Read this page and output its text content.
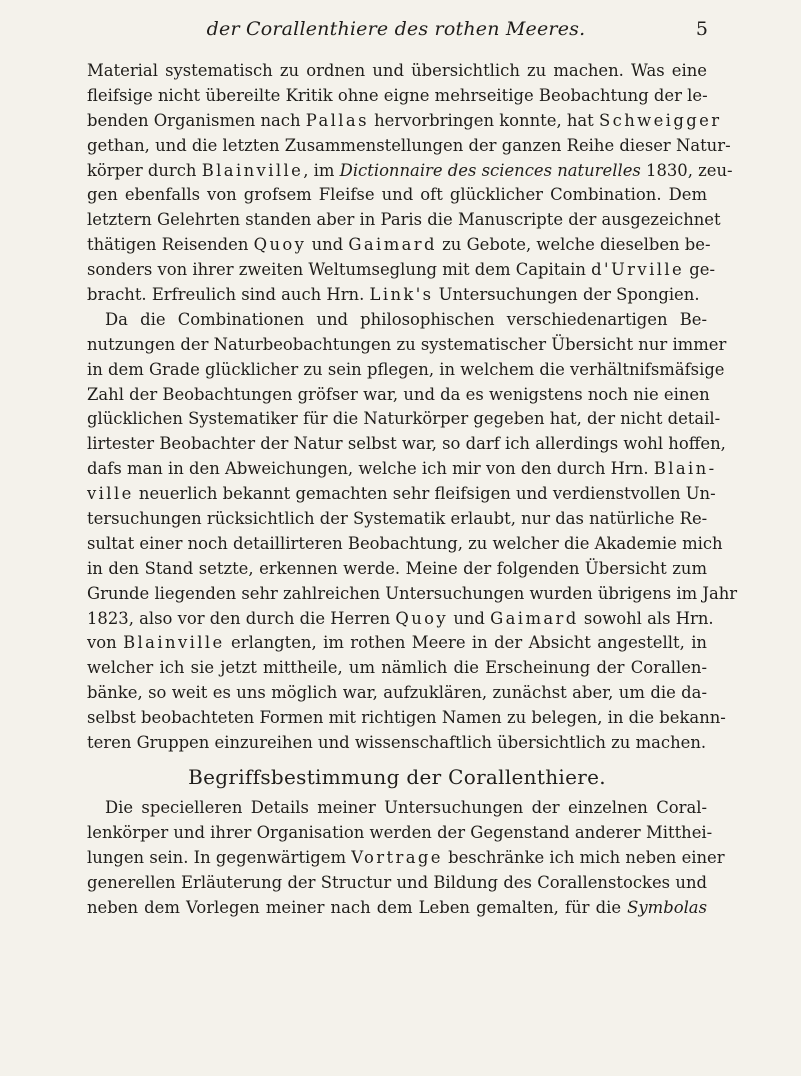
der Corallenthiere des rothen Meeres.	5
Material systematisch zu ordnen und übersichtlich zu machen. Was eine
fleifsige nicht übereilte Kritik ohne eigne mehrseitige Beobachtung der le-
benden Organismen nach Pallas hervorbringen konnte, hat Schweigger
gethan, und die letzten Zusammenstellungen der ganzen Reihe dieser Natur-
körper durch Blainville, im Dictionnaire des sciences naturelles 1830, zeu-
gen ebenfalls von grofsem Fleifse und oft glücklicher Combination. Dem
letztern Gelehrten standen aber in Paris die Manuscripte der ausgezeichnet
thätigen Reisenden Quoy und Gaimard zu Gebote, welche dieselben be-
sonders von ihrer zweiten Weltumseglung mit dem Capitain d'Urville ge-
bracht. Erfreulich sind auch Hrn. Link's Untersuchungen der Spongien.
Da die Combinationen und philosophischen verschiedenartigen Be-
nutzungen der Naturbeobachtungen zu systematischer Übersicht nur immer
in dem Grade glücklicher zu sein pflegen, in welchem die verhältnifsmäfsige
Zahl der Beobachtungen gröfser war, und da es wenigstens noch nie einen
glücklichen Systematiker für die Naturkörper gegeben hat, der nicht detail-
lirtester Beobachter der Natur selbst war, so darf ich allerdings wohl hoffen,
dafs man in den Abweichungen, welche ich mir von den durch Hrn. Blain-
ville neuerlich bekannt gemachten sehr fleifsigen und verdienstvollen Un-
tersuchungen rücksichtlich der Systematik erlaubt, nur das natürliche Re-
sultat einer noch detaillirteren Beobachtung, zu welcher die Akademie mich
in den Stand setzte, erkennen werde. Meine der folgenden Übersicht zum
Grunde liegenden sehr zahlreichen Untersuchungen wurden übrigens im Jahr
1823, also vor den durch die Herren Quoy und Gaimard sowohl als Hrn.
von Blainville erlangten, im rothen Meere in der Absicht angestellt, in
welcher ich sie jetzt mittheile, um nämlich die Erscheinung der Corallen-
bänke, so weit es uns möglich war, aufzuklären, zunächst aber, um die da-
selbst beobachteten Formen mit richtigen Namen zu belegen, in die bekann-
teren Gruppen einzureihen und wissenschaftlich übersichtlich zu machen.
Begriffsbestimmung der Corallenthiere.
Die specielleren Details meiner Untersuchungen der einzelnen Coral-
lenkörper und ihrer Organisation werden der Gegenstand anderer Mitthei-
lungen sein. In gegenwärtigem Vortrage beschränke ich mich neben einer
generellen Erläuterung der Structur und Bildung des Corallenstockes und
neben dem Vorlegen meiner nach dem Leben gemalten, für die Symbolas
